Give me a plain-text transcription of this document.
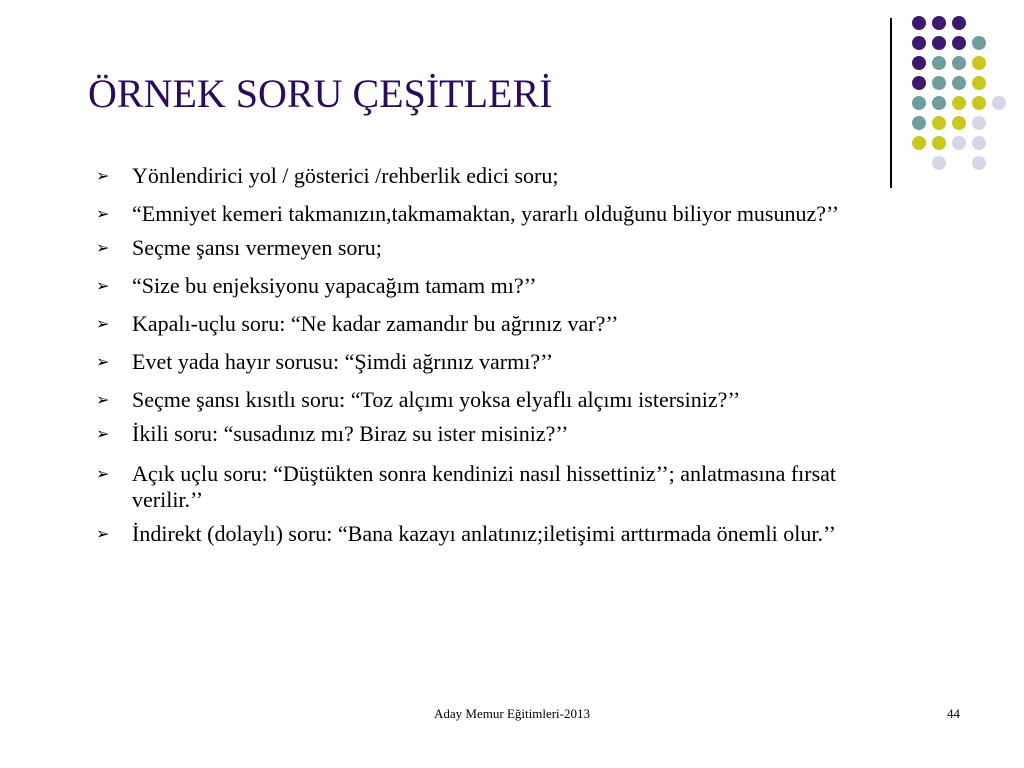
ÖRNEK SORU ÇEŞİTLERİ
➢ Yönlendirici yol / gösterici /rehberlik edici soru;
➢ “Emniyet kemeri takmanızın,takmamaktan, yararlı olduğunu biliyor musunuz?’’
➢ Seçme şansı vermeyen soru;
➢ “Size bu enjeksiyonu yapacağım tamam mı?’’
➢ Kapalı-uçlu soru: “Ne kadar zamandır bu ağrınız var?’’
➢ Evet yada hayır sorusu: “Şimdi ağrınız varmı?’’
➢ Seçme şansı kısıtlı soru: “Toz alçımı yoksa elyaflı alçımı istersiniz?’’
➢ İkili soru: “susadınız mı? Biraz su ister misiniz?’’
➢ Açık uçlu soru: “Düştükten sonra kendinizi nasıl hissettiniz’’; anlatmasına fırsat verilir.’’
➢ İndirekt (dolaylı) soru: “Bana kazayı anlatınız;iletişimi arttırmada önemli olur.’’
Aday Memur Eğitimleri-2013	44
